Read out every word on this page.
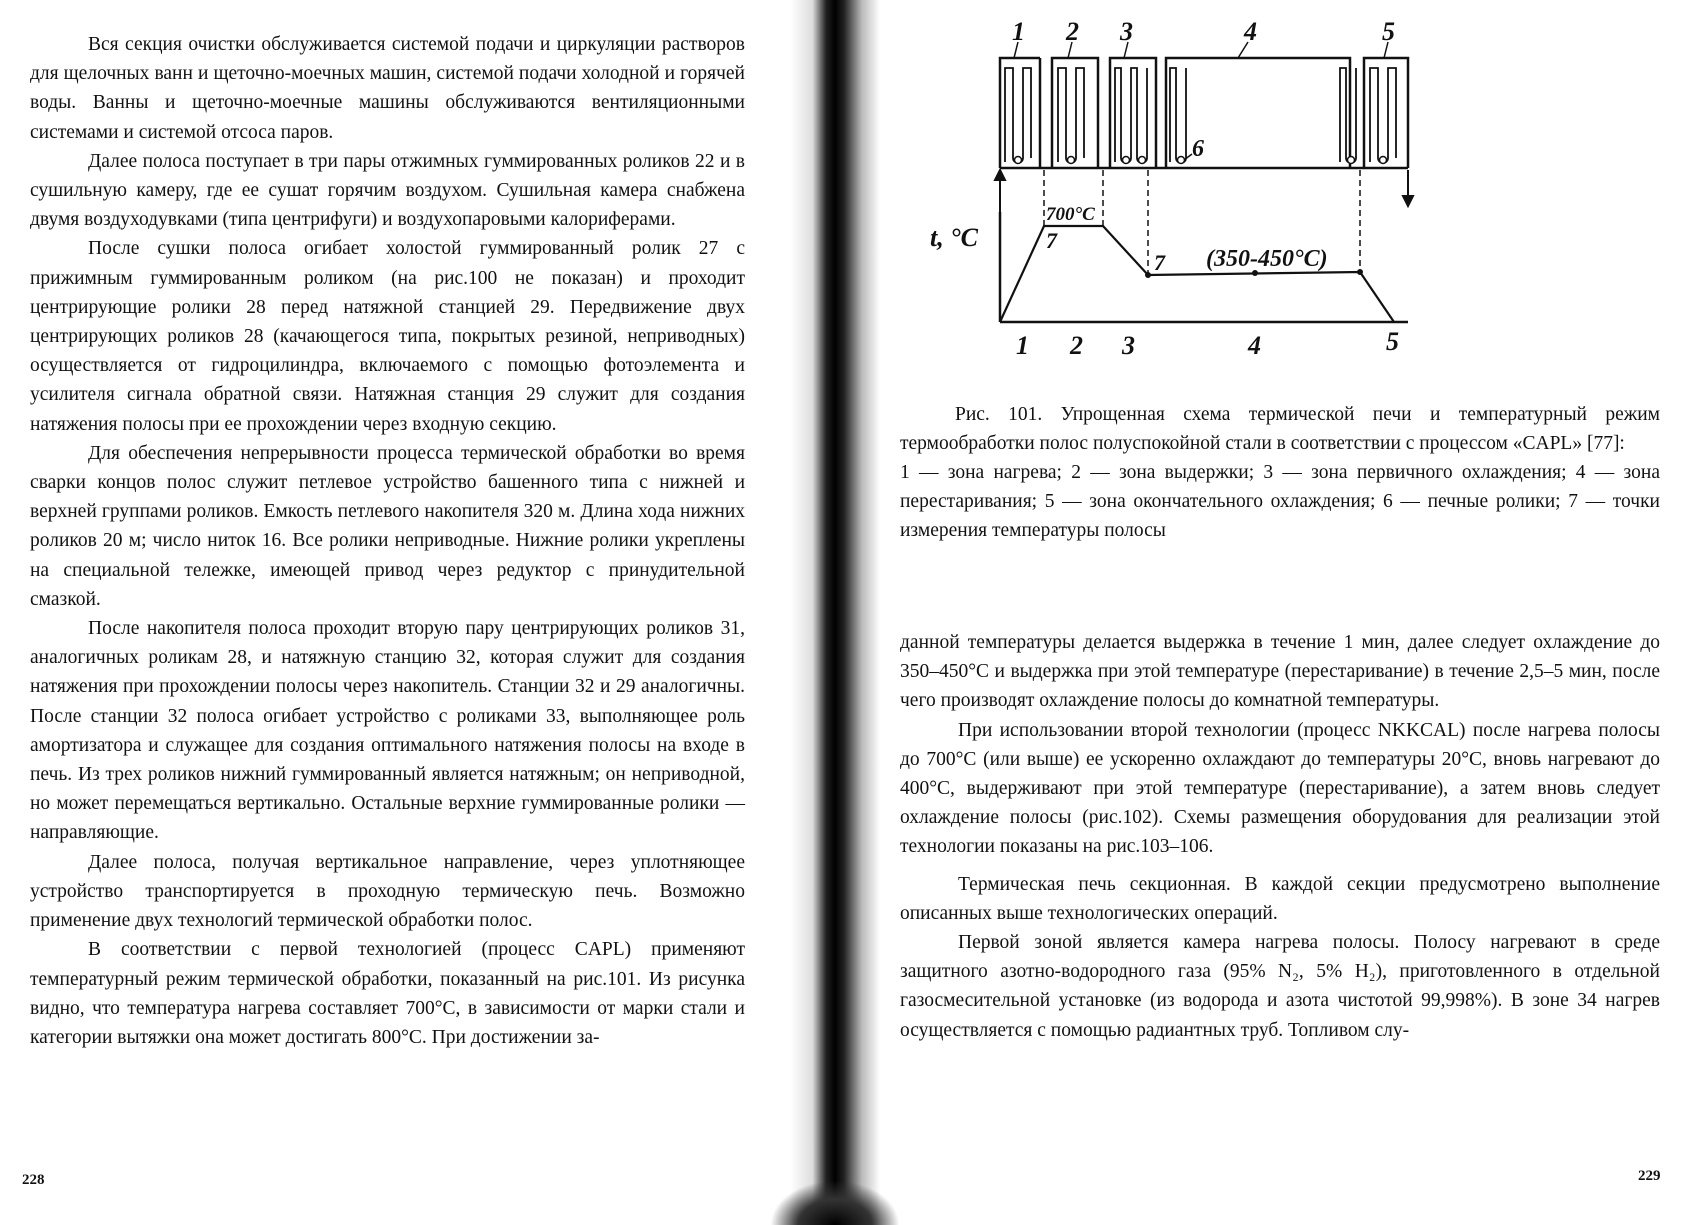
Вся секция очистки обслуживается системой подачи и циркуляции растворов для щелочных ванн и щеточно-моечных машин, системой подачи холодной и горячей воды. Ванны и щеточно-моечные машины обслуживаются вентиляционными системами и системой отсоса паров.

Далее полоса поступает в три пары отжимных гуммированных роликов 22 и в сушильную камеру, где ее сушат горячим воздухом. Сушильная камера снабжена двумя воздуходувками (типа центрифуги) и воздухопаровыми калориферами.

После сушки полоса огибает холостой гуммированный ролик 27 с прижимным гуммированным роликом (на рис.100 не показан) и проходит центрирующие ролики 28 перед натяжной станцией 29. Передвижение двух центрирующих роликов 28 (качающегося типа, покрытых резиной, неприводных) осуществляется от гидроцилиндра, включаемого с помощью фотоэлемента и усилителя сигнала обратной связи. Натяжная станция 29 служит для создания натяжения полосы при ее прохождении через входную секцию.

Для обеспечения непрерывности процесса термической обработки во время сварки концов полос служит петлевое устройство башенного типа с нижней и верхней группами роликов. Емкость петлевого накопителя 320 м. Длина хода нижних роликов 20 м; число ниток 16. Все ролики неприводные. Нижние ролики укреплены на специальной тележке, имеющей привод через редуктор с принудительной смазкой.

После накопителя полоса проходит вторую пару центрирующих роликов 31, аналогичных роликам 28, и натяжную станцию 32, которая служит для создания натяжения при прохождении полосы через накопитель. Станции 32 и 29 аналогичны. После станции 32 полоса огибает устройство с роликами 33, выполняющее роль амортизатора и служащее для создания оптимального натяжения полосы на входе в печь. Из трех роликов нижний гуммированный является натяжным; он неприводной, но может перемещаться вертикально. Остальные верхние гуммированные ролики — направляющие.

Далее полоса, получая вертикальное направление, через уплотняющее устройство транспортируется в проходную термическую печь. Возможно применение двух технологий термической обработки полос.

В соответствии с первой технологией (процесс CAPL) применяют температурный режим термической обработки, показанный на рис.101. Из рисунка видно, что температура нагрева составляет 700°С, в зависимости от марки стали и категории вытяжки она может достигать 800°С. При достижении за-

228
1 2 3	4	5
6
t, °C
700°C
7
7 (350-450°C)
1 2 3	4	5

Рис. 101. Упрощенная схема термической печи и температурный режим термообработки полос полуспокойной стали в соответствии с процессом «CAPL» [77]:

1 — зона нагрева; 2 — зона выдержки; 3 — зона первичного охлаждения; 4 — зона перестаривания; 5 — зона окончательного охлаждения; 6 — печные ролики; 7 — точки измерения температуры полосы

данной температуры делается выдержка в течение 1 мин, далее следует охлаждение до 350–450°С и выдержка при этой температуре (перестаривание) в течение 2,5–5 мин, после чего производят охлаждение полосы до комнатной температуры.

При использовании второй технологии (процесс NKKCAL) после нагрева полосы до 700°С (или выше) ее ускоренно охлаждают до температуры 20°С, вновь нагревают до 400°С, выдерживают при этой температуре (перестаривание), а затем вновь следует охлаждение полосы (рис.102). Схемы размещения оборудования для реализации этой технологии показаны на рис.103–106.

Термическая печь секционная. В каждой секции предусмотрено выполнение описанных выше технологических операций.

Первой зоной является камера нагрева полосы. Полосу нагревают в среде защитного азотно-водородного газа (95% N₂, 5% H₂), приготовленного в отдельной газосмесительной установке (из водорода и азота чистотой 99,998%). В зоне 34 нагрев осуществляется с помощью радиантных труб. Топливом слу-

229
